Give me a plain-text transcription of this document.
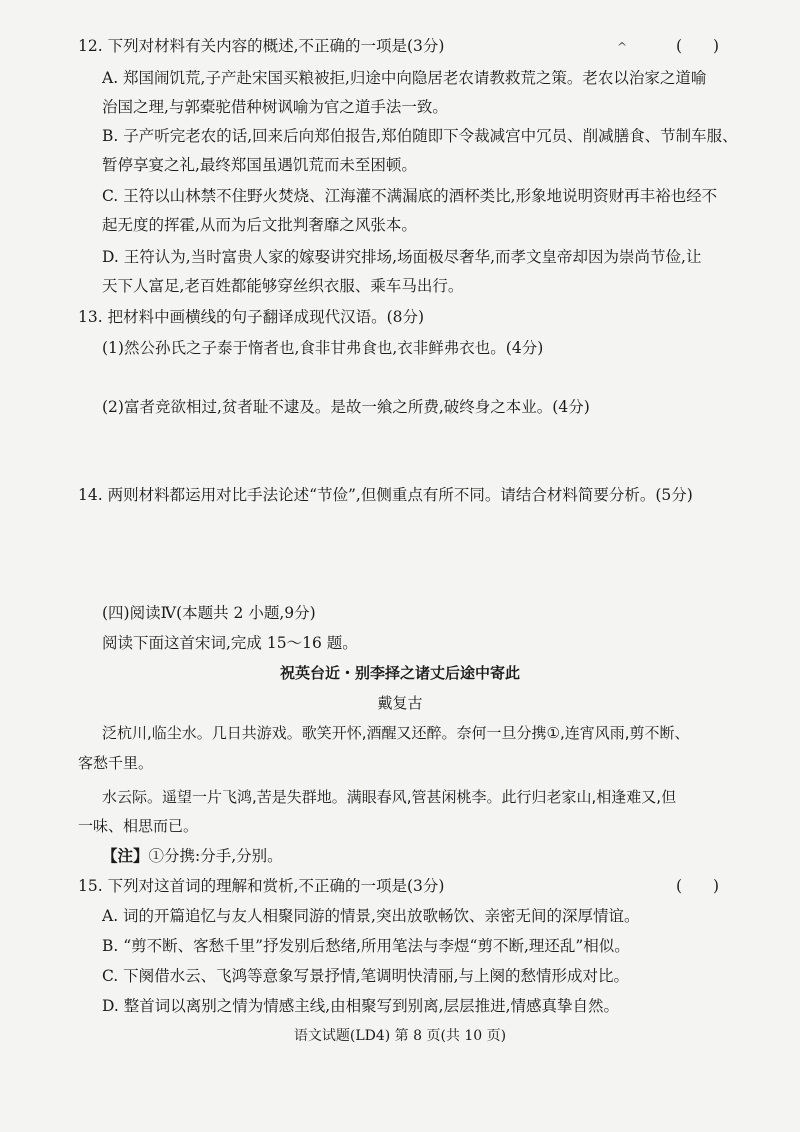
^
12. 下列对材料有关内容的概述,不正确的一项是(3分)	(　　)
A. 郑国闹饥荒,子产赴宋国买粮被拒,归途中向隐居老农请教救荒之策。老农以治家之道喻
治国之理,与郭橐驼借种树讽喻为官之道手法一致。
B. 子产听完老农的话,回来后向郑伯报告,郑伯随即下令裁减宫中冗员、削减膳食、节制车服、
暂停享宴之礼,最终郑国虽遇饥荒而未至困顿。
C. 王符以山林禁不住野火焚烧、江海灌不满漏底的酒杯类比,形象地说明资财再丰裕也经不
起无度的挥霍,从而为后文批判奢靡之风张本。
D. 王符认为,当时富贵人家的嫁娶讲究排场,场面极尽奢华,而孝文皇帝却因为崇尚节俭,让
天下人富足,老百姓都能够穿丝织衣服、乘车马出行。
13. 把材料中画横线的句子翻译成现代汉语。(8分)
(1)然公孙氏之子泰于惰者也,食非甘弗食也,衣非鲜弗衣也。(4分)
(2)富者竞欲相过,贫者耻不逮及。是故一飨之所费,破终身之本业。(4分)
14. 两则材料都运用对比手法论述“节俭”,但侧重点有所不同。请结合材料简要分析。(5分)
(四)阅读Ⅳ(本题共 2 小题,9分)
阅读下面这首宋词,完成 15～16 题。
祝英台近・别李择之诸丈后途中寄此
戴复古
泛杭川,临尘水。几日共游戏。歌笑开怀,酒醒又还醉。奈何一旦分携①,连宵风雨,剪不断、
客愁千里。
水云际。遥望一片飞鸿,苦是失群地。满眼春风,管甚闲桃李。此行归老家山,相逢难又,但
一味、相思而已。
【注】①分携:分手,分别。
15. 下列对这首词的理解和赏析,不正确的一项是(3分)	(　　)
A. 词的开篇追忆与友人相聚同游的情景,突出放歌畅饮、亲密无间的深厚情谊。
B. “剪不断、客愁千里”抒发别后愁绪,所用笔法与李煜“剪不断,理还乱”相似。
C. 下阕借水云、飞鸿等意象写景抒情,笔调明快清丽,与上阕的愁情形成对比。
D. 整首词以离别之情为情感主线,由相聚写到别离,层层推进,情感真挚自然。
语文试题(LD4) 第 8 页(共 10 页)
